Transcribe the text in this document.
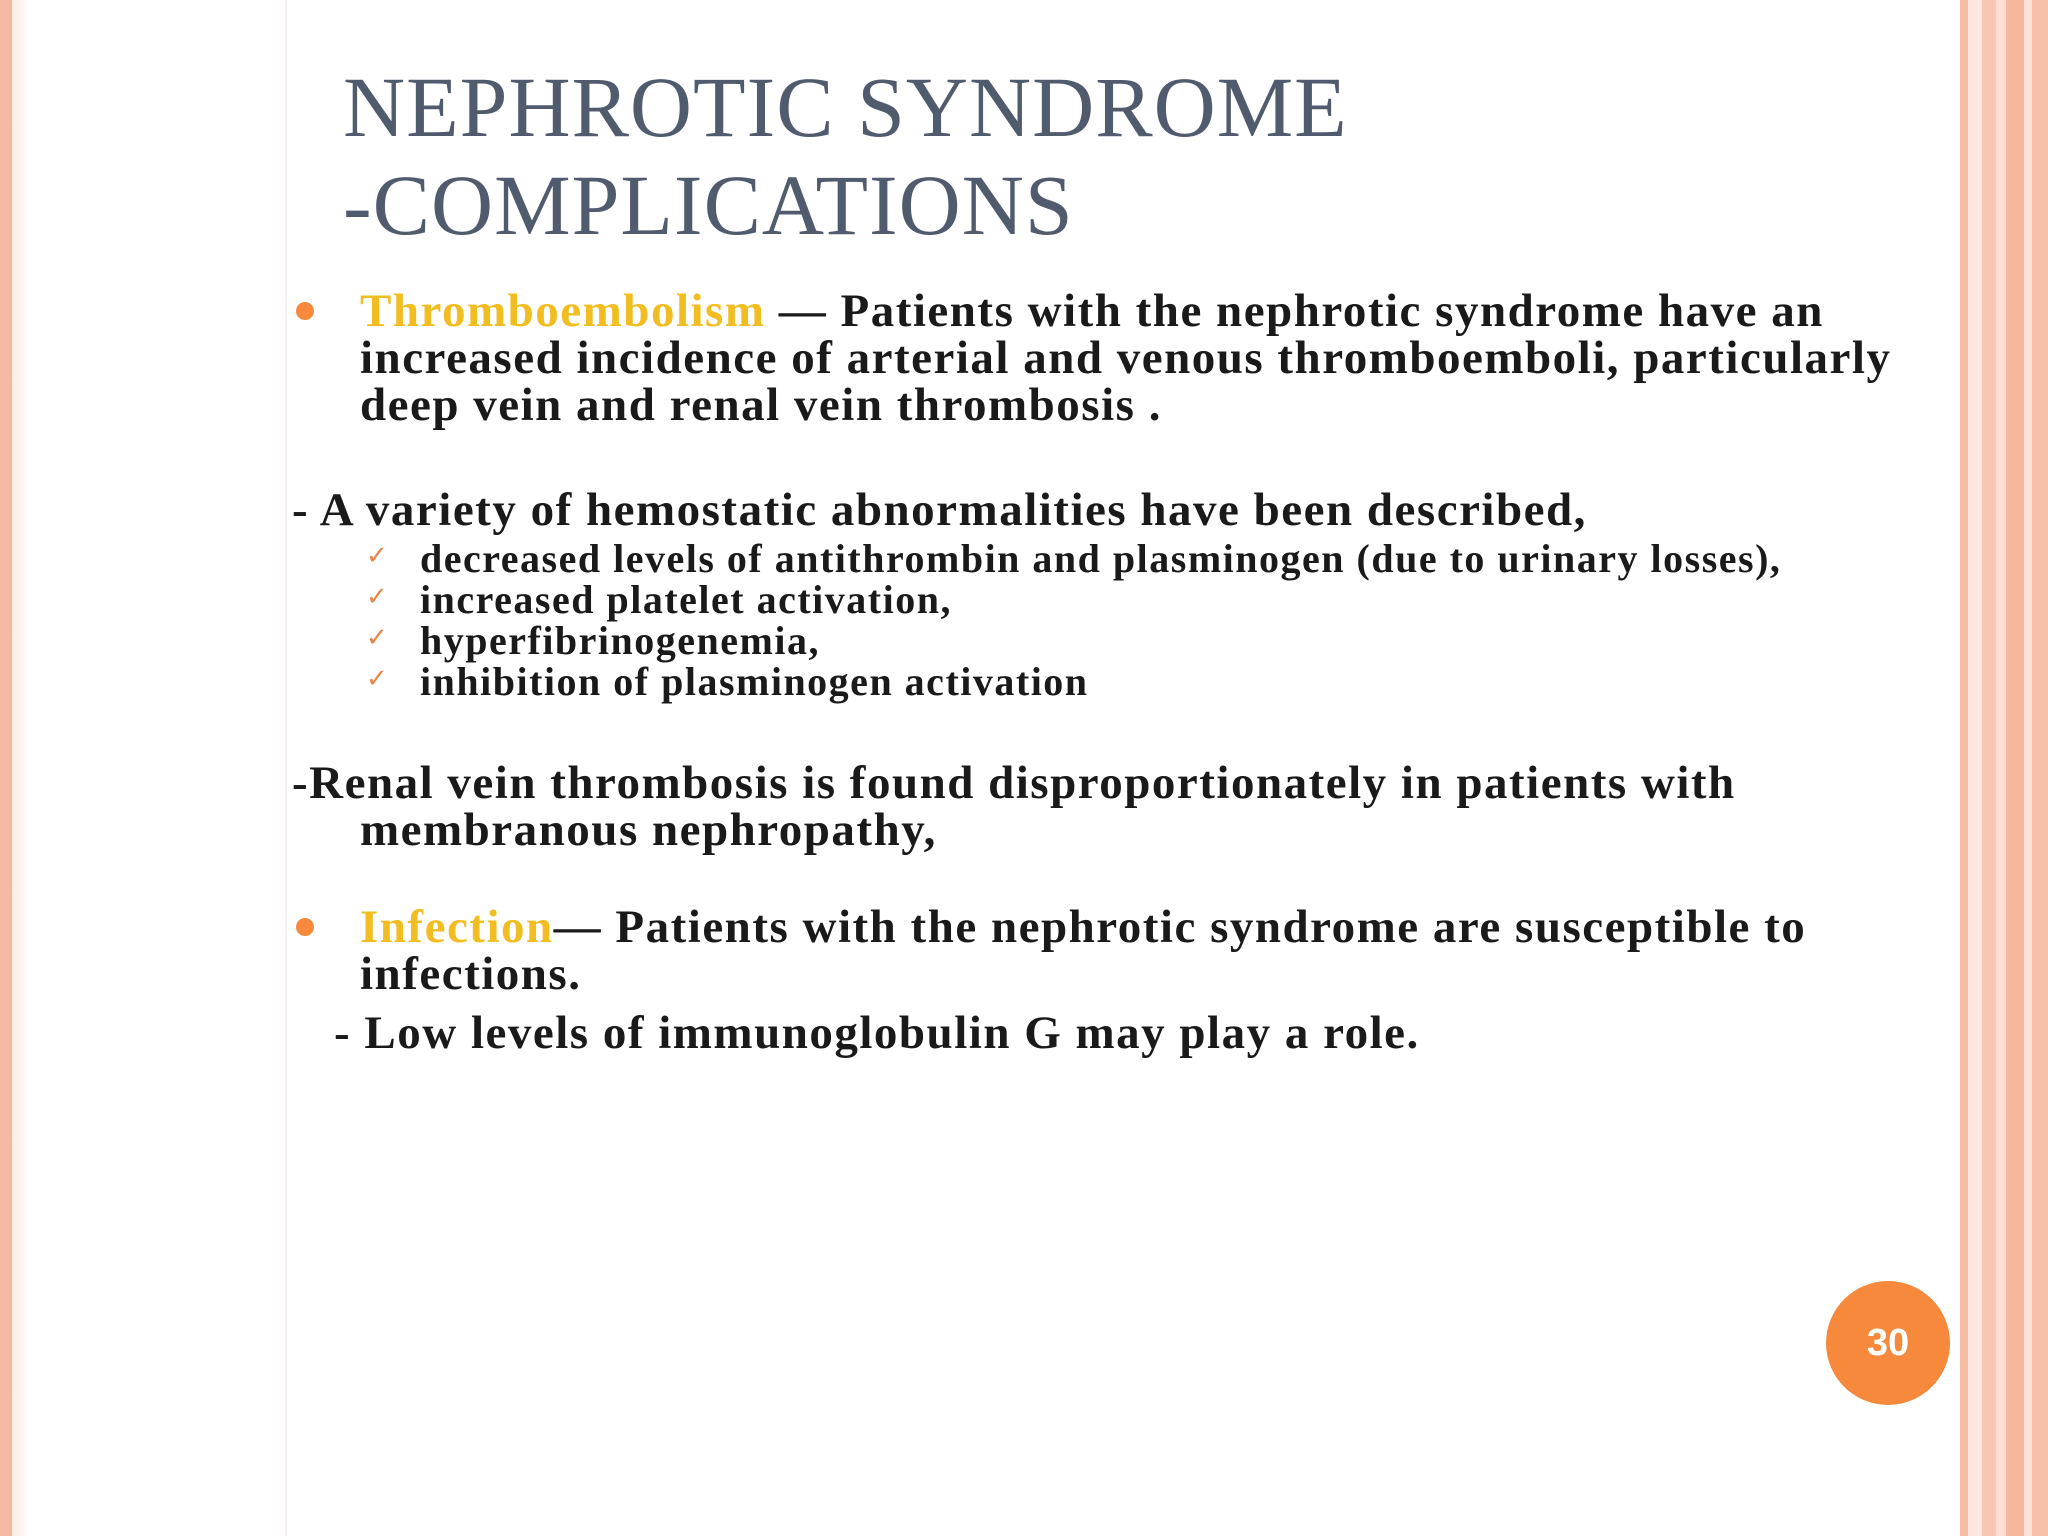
NEPHROTIC SYNDROME
-COMPLICATIONS
Thromboembolism — Patients with the nephrotic syndrome have an increased incidence of arterial and venous thromboemboli, particularly deep vein and renal vein thrombosis .
- A variety of hemostatic abnormalities have been described,
✓ decreased levels of antithrombin and plasminogen (due to urinary losses),
✓ increased platelet activation,
✓ hyperfibrinogenemia,
✓ inhibition of plasminogen activation
-Renal vein thrombosis is found disproportionately in patients with membranous nephropathy,
Infection— Patients with the nephrotic syndrome are susceptible to infections.
- Low levels of immunoglobulin G may play a role.
30
